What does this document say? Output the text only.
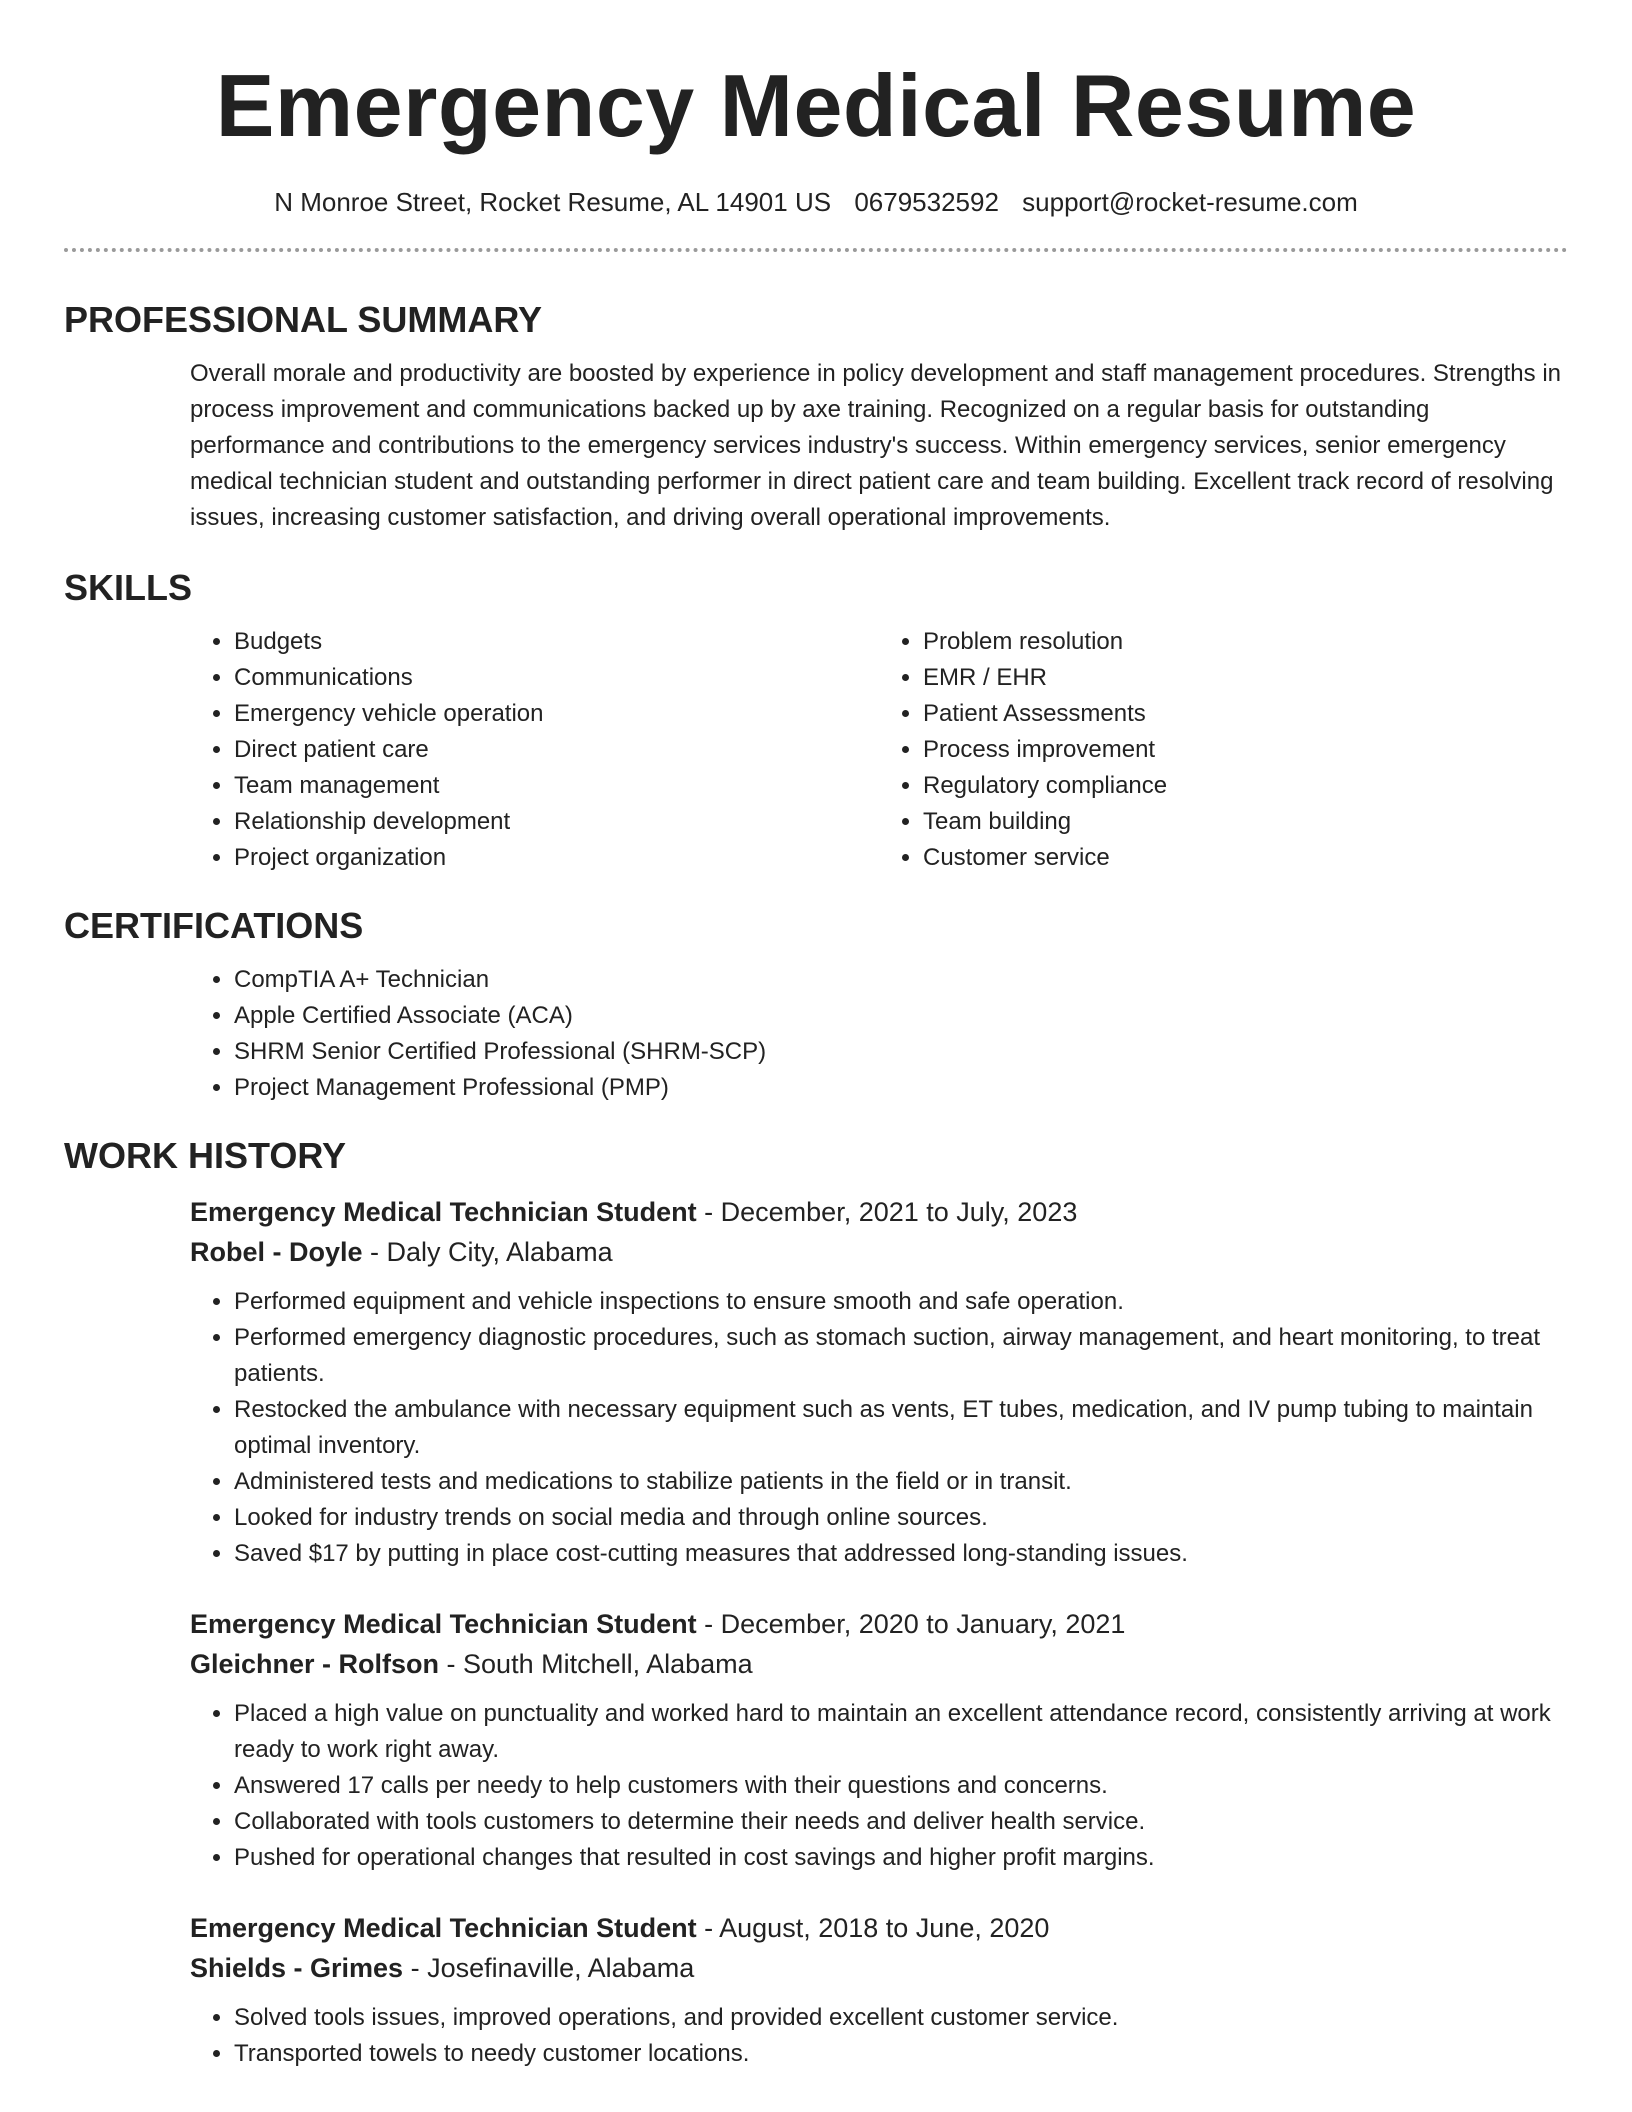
Emergency Medical Resume
N Monroe Street, Rocket Resume, AL 14901 US 0679532592 support@rocket-resume.com
PROFESSIONAL SUMMARY

Overall morale and productivity are boosted by experience in policy development and staff management procedures. Strengths in process improvement and communications backed up by axe training. Recognized on a regular basis for outstanding performance and contributions to the emergency services industry's success. Within emergency services, senior emergency medical technician student and outstanding performer in direct patient care and team building. Excellent track record of resolving issues, increasing customer satisfaction, and driving overall operational improvements.

SKILLS
• Budgets
• Communications
• Emergency vehicle operation
• Direct patient care
• Team management
• Relationship development
• Project organization
• Problem resolution
• EMR / EHR
• Patient Assessments
• Process improvement
• Regulatory compliance
• Team building
• Customer service
CERTIFICATIONS
• CompTIA A+ Technician
• Apple Certified Associate (ACA)
• SHRM Senior Certified Professional (SHRM-SCP)
• Project Management Professional (PMP)
WORK HISTORY
Emergency Medical Technician Student - December, 2021 to July, 2023
Robel - Doyle - Daly City, Alabama
• Performed equipment and vehicle inspections to ensure smooth and safe operation.
• Performed emergency diagnostic procedures, such as stomach suction, airway management, and heart monitoring, to treat patients.
• Restocked the ambulance with necessary equipment such as vents, ET tubes, medication, and IV pump tubing to maintain optimal inventory.
• Administered tests and medications to stabilize patients in the field or in transit.
• Looked for industry trends on social media and through online sources.
• Saved $17 by putting in place cost-cutting measures that addressed long-standing issues.
Emergency Medical Technician Student - December, 2020 to January, 2021
Gleichner - Rolfson - South Mitchell, Alabama
• Placed a high value on punctuality and worked hard to maintain an excellent attendance record, consistently arriving at work ready to work right away.
• Answered 17 calls per needy to help customers with their questions and concerns.
• Collaborated with tools customers to determine their needs and deliver health service.
• Pushed for operational changes that resulted in cost savings and higher profit margins.
Emergency Medical Technician Student - August, 2018 to June, 2020
Shields - Grimes - Josefinaville, Alabama
• Solved tools issues, improved operations, and provided excellent customer service.
• Transported towels to needy customer locations.
